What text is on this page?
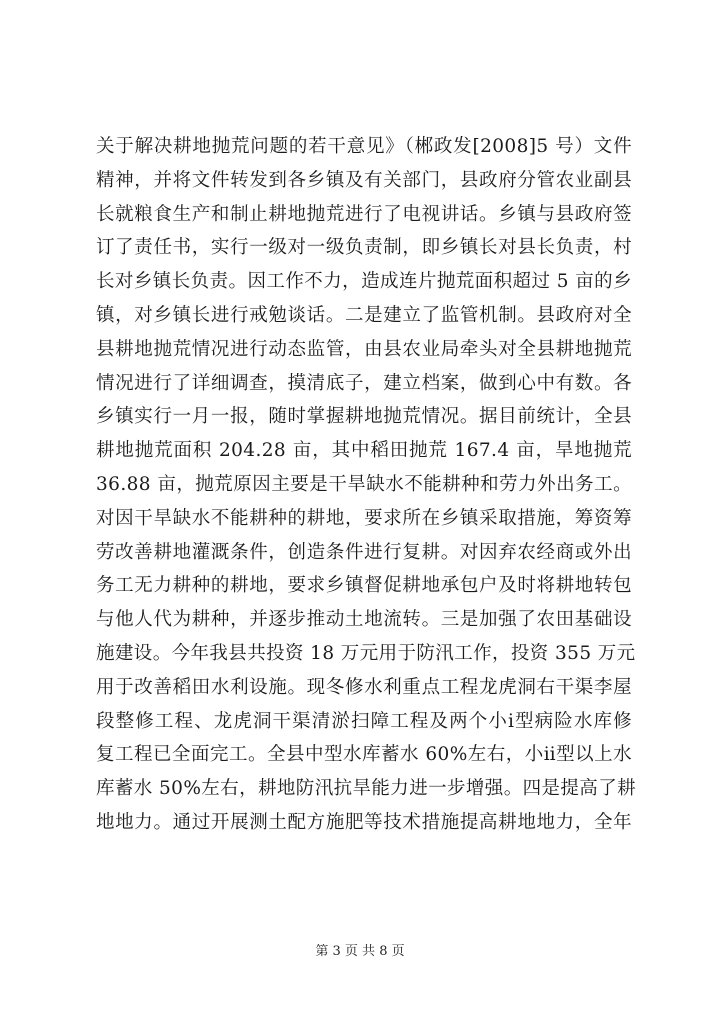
关于解决耕地抛荒问题的若干意见》（郴政发[2008]5 号）文件
精神，并将文件转发到各乡镇及有关部门，县政府分管农业副县
长就粮食生产和制止耕地抛荒进行了电视讲话。乡镇与县政府签
订了责任书，实行一级对一级负责制，即乡镇长对县长负责，村
长对乡镇长负责。因工作不力，造成连片抛荒面积超过 5 亩的乡
镇，对乡镇长进行戒勉谈话。二是建立了监管机制。县政府对全
县耕地抛荒情况进行动态监管，由县农业局牵头对全县耕地抛荒
情况进行了详细调查，摸清底子，建立档案，做到心中有数。各
乡镇实行一月一报，随时掌握耕地抛荒情况。据目前统计，全县
耕地抛荒面积 204.28 亩，其中稻田抛荒 167.4 亩，旱地抛荒
36.88 亩，抛荒原因主要是干旱缺水不能耕种和劳力外出务工。
对因干旱缺水不能耕种的耕地，要求所在乡镇采取措施，筹资筹
劳改善耕地灌溉条件，创造条件进行复耕。对因弃农经商或外出
务工无力耕种的耕地，要求乡镇督促耕地承包户及时将耕地转包
与他人代为耕种，并逐步推动土地流转。三是加强了农田基础设
施建设。今年我县共投资 18 万元用于防汛工作，投资 355 万元
用于改善稻田水利设施。现冬修水利重点工程龙虎洞右干渠李屋
段整修工程、龙虎洞干渠清淤扫障工程及两个小ⅰ型病险水库修
复工程已全面完工。全县中型水库蓄水 60%左右，小ⅱ型以上水
库蓄水 50%左右，耕地防汛抗旱能力进一步增强。四是提高了耕
地地力。通过开展测土配方施肥等技术措施提高耕地地力，全年
第 3 页 共 8 页
